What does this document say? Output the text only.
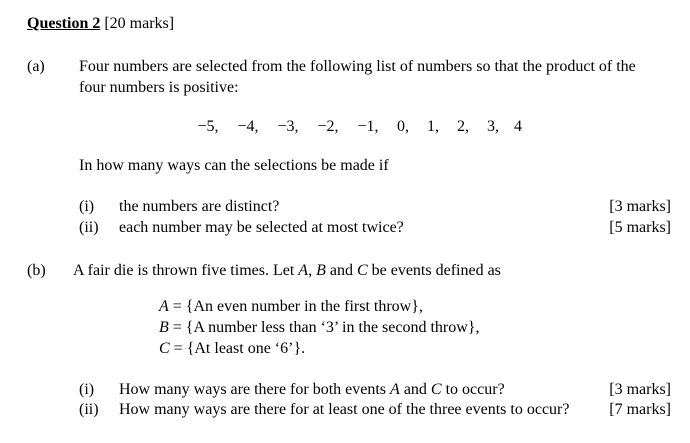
Question 2 [20 marks]
(a) Four numbers are selected from the following list of numbers so that the product of the
four numbers is positive:
−5, −4, −3, −2, −1, 0, 1, 2, 3, 4
In how many ways can the selections be made if
(i) the numbers are distinct?	[3 marks]
(ii) each number may be selected at most twice?	[5 marks]
(b) A fair die is thrown five times. Let A, B and C be events defined as
A = {An even number in the first throw},
B = {A number less than ‘3’ in the second throw},
C = {At least one ‘6’}.
(i) How many ways are there for both events A and C to occur?	[3 marks]
(ii) How many ways are there for at least one of the three events to occur? [7 marks]
